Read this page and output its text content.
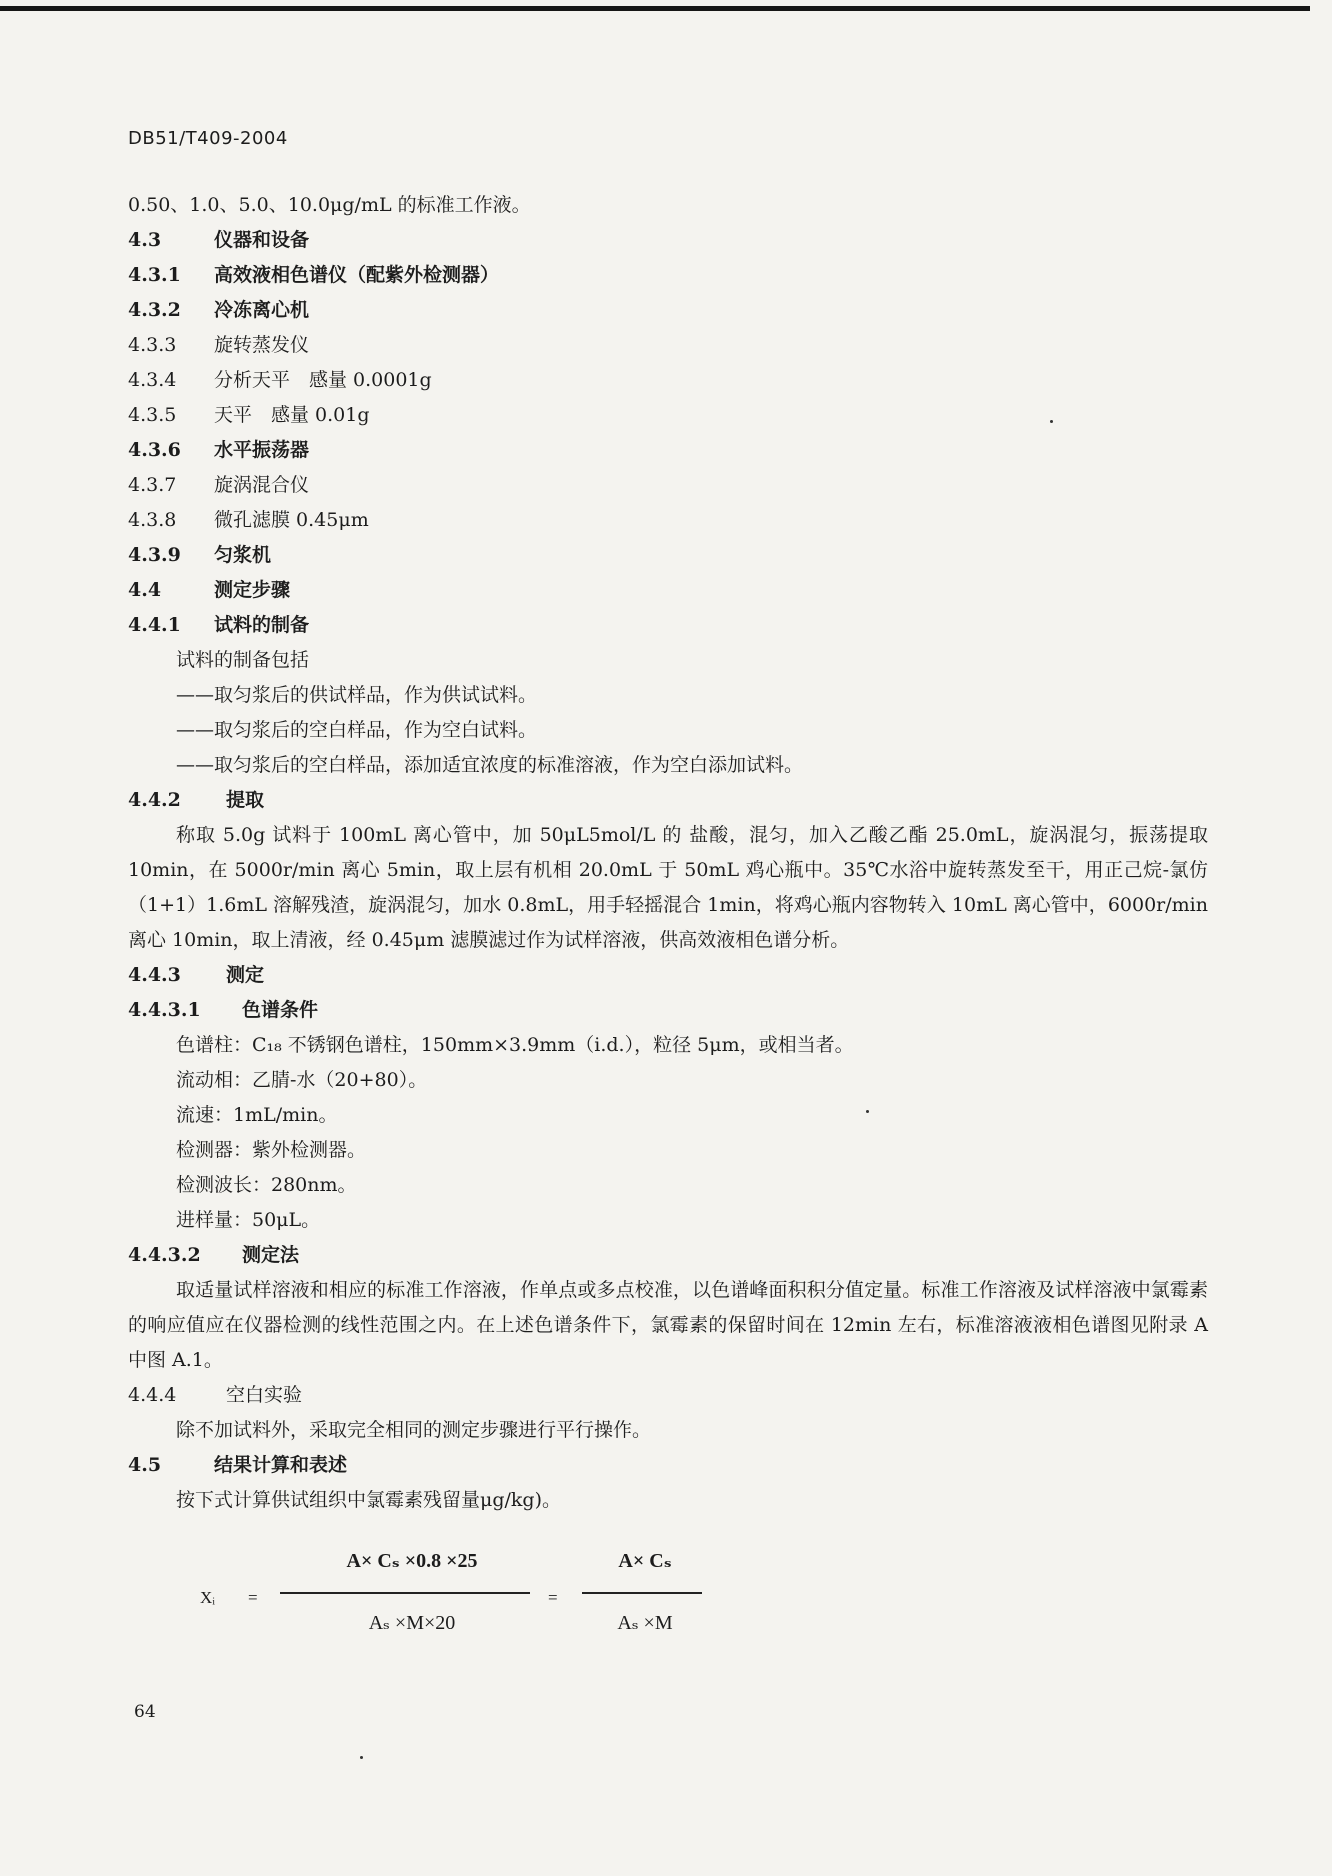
DB51/T409-2004
0.50、1.0、5.0、10.0μg/mL 的标准工作液。
4.3	仪器和设备
4.3.1 高效液相色谱仪（配紫外检测器）
4.3.2 冷冻离心机
4.3.3 旋转蒸发仪
4.3.4 分析天平　感量 0.0001g
4.3.5 天平　感量 0.01g
4.3.6 水平振荡器
4.3.7 旋涡混合仪
4.3.8 微孔滤膜 0.45μm
4.3.9 匀浆机
4.4	测定步骤
4.4.1 试料的制备
试料的制备包括
——取匀浆后的供试样品，作为供试试料。
——取匀浆后的空白样品，作为空白试料。
——取匀浆后的空白样品，添加适宜浓度的标准溶液，作为空白添加试料。
4.4.2 提取
称取 5.0g 试料于 100mL 离心管中，加 50μL5mol/L 的 盐酸，混匀，加入乙酸乙酯 25.0mL，旋涡混匀，振荡提取 10min，在 5000r/min 离心 5min，取上层有机相 20.0mL 于 50mL 鸡心瓶中。35℃水浴中旋转蒸发至干，用正己烷-氯仿（1+1）1.6mL 溶解残渣，旋涡混匀，加水 0.8mL，用手轻摇混合 1min，将鸡心瓶内容物转入 10mL 离心管中，6000r/min 离心 10min，取上清液，经 0.45μm 滤膜滤过作为试样溶液，供高效液相色谱分析。
4.4.3 测定
4.4.3.1 色谱条件
色谱柱：C₁₈ 不锈钢色谱柱，150mm×3.9mm（i.d.），粒径 5μm，或相当者。
流动相：乙腈-水（20+80）。
流速：1mL/min。
检测器：紫外检测器。
检测波长：280nm。
进样量：50μL。
4.4.3.2 测定法
取适量试样溶液和相应的标准工作溶液，作单点或多点校准，以色谱峰面积积分值定量。标准工作溶液及试样溶液中氯霉素的响应值应在仪器检测的线性范围之内。在上述色谱条件下，氯霉素的保留时间在 12min 左右，标准溶液液相色谱图见附录 A 中图 A.1。
4.4.4	空白实验
除不加试料外，采取完全相同的测定步骤进行平行操作。
4.5	结果计算和表述
按下式计算供试组织中氯霉素残留量μg/kg)。
Xᵢ =
A× Cₛ ×0.8 ×25
Aₛ ×M×20
=
A× Cₛ
Aₛ ×M
64
